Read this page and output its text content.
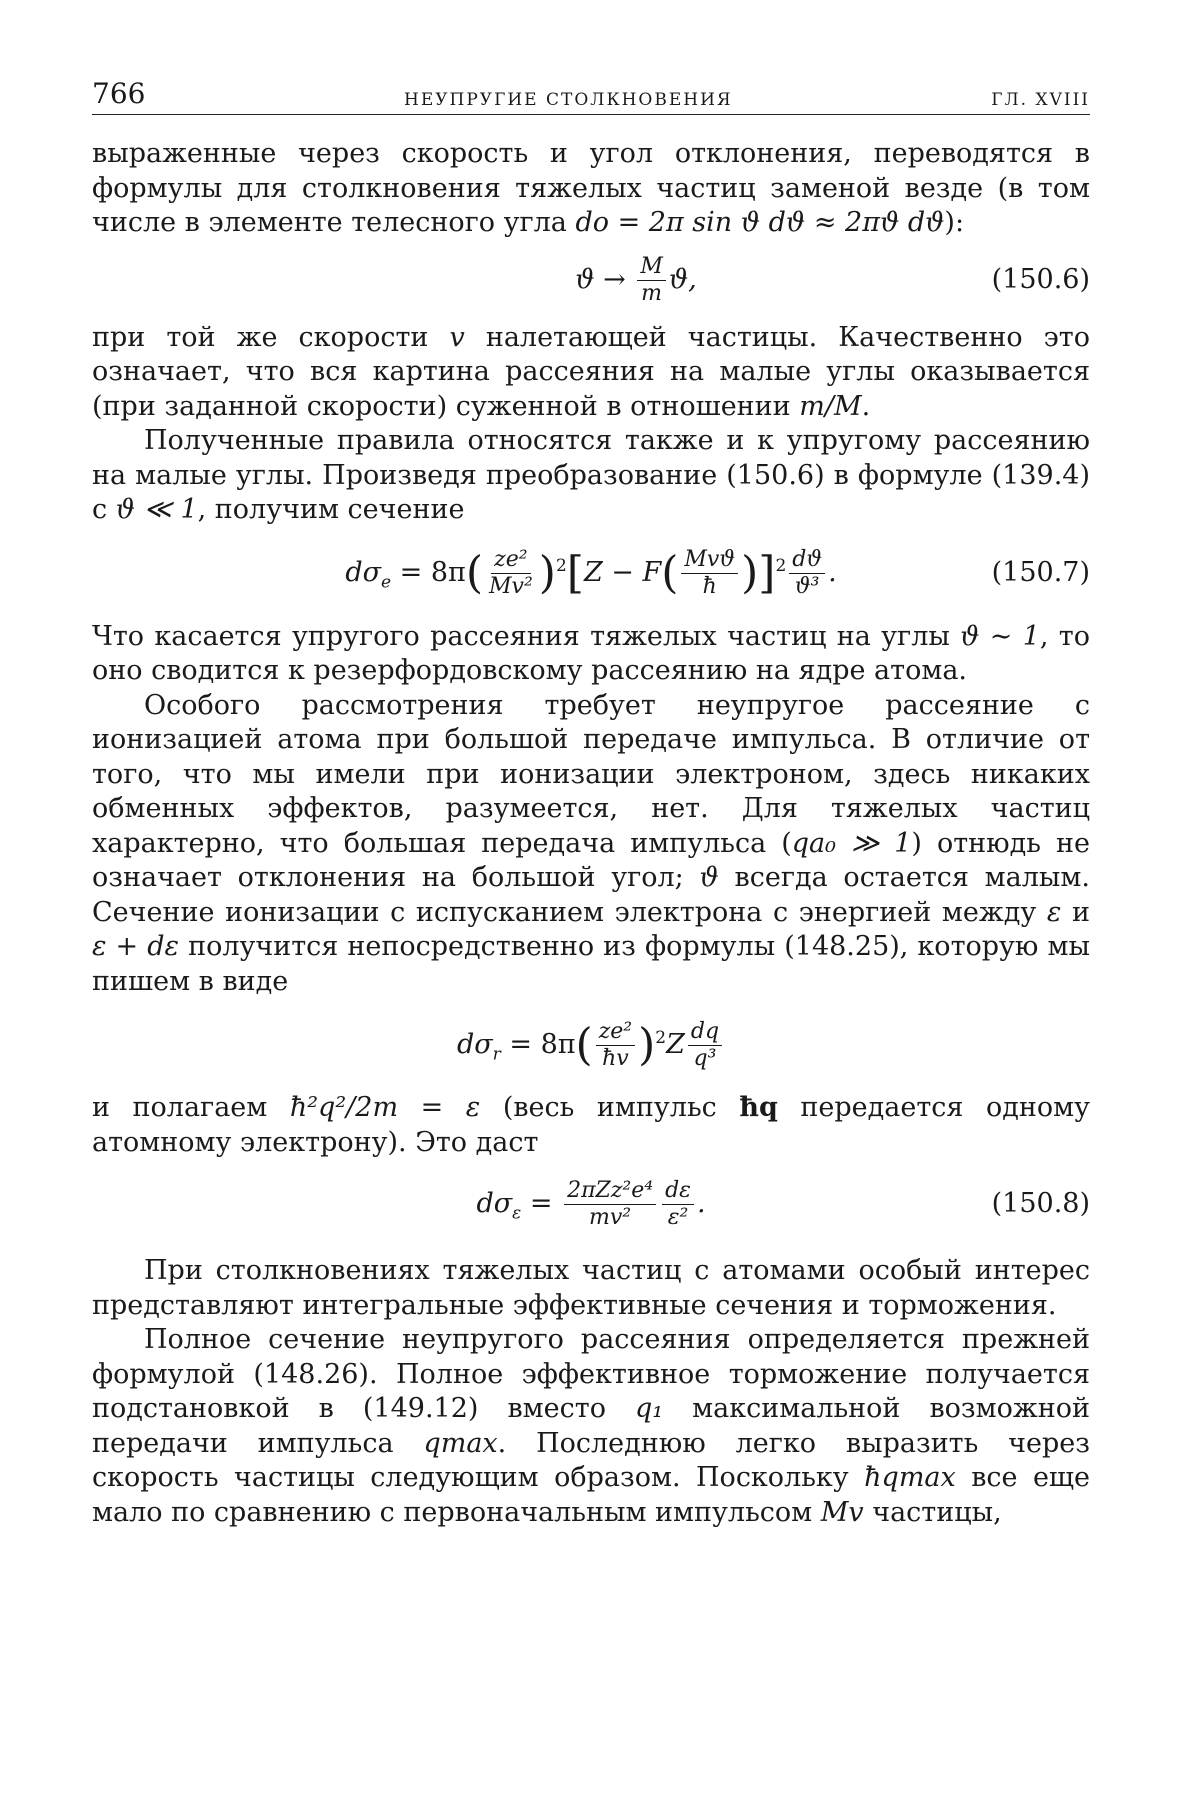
766	НЕУПРУГИЕ СТОЛКНОВЕНИЯ	ГЛ. XVIII

выраженные через скорость и угол отклонения, переводятся в формулы для столкновения тяжелых частиц заменой везде (в том числе в элементе телесного угла do = 2π sin ϑ dϑ ≈ 2πϑ dϑ):

$ϑ \to \frac{M}{m} ϑ$,	(150.6)

при той же скорости v налетающей частицы. Качественно это означает, что вся картина рассеяния на малые углы оказывается (при заданной скорости) суженной в отношении m/M.

Полученные правила относятся также и к упругому рассеянию на малые углы. Произведя преобразование (150.6) в формуле (139.4) с ϑ ≪ 1, получим сечение

$d\sigma_e = 8\pi( \frac{\text{ze²}}{\text{Mv²}} )^2[Z - F( \frac{\text{Mvϑ}}{ħ} )]^2 \frac{dϑ}{\text{ϑ³}}$ .	(150.7)

Что касается упругого рассеяния тяжелых частиц на углы ϑ ∼ 1, то оно сводится к резерфордовскому рассеянию на ядре атома.

Особого рассмотрения требует неупругое рассеяние с ионизацией атома при большой передаче импульса. В отличие от того, что мы имели при ионизации электроном, здесь никаких обменных эффектов, разумеется, нет. Для тяжелых частиц характерно, что большая передача импульса (qa₀ ≫ 1) отнюдь не означает отклонения на большой угол; ϑ всегда остается малым. Сечение ионизации с испусканием электрона с энергией между ε и ε + dε получится непосредственно из формулы (148.25), которую мы пишем в виде

$d\sigma_r = 8\pi( \frac{\text{ze²}}{ħv} )^2Z \frac{dq}{\text{q³}}$

и полагаем ħ²q²/2m = ε (весь импульс ħq передается одному атомному электрону). Это даст

$d\sigma_\varepsilon = \frac{\text{2πZz²e⁴}}{\text{mv²}} \frac{d\varepsilon}{\text{ε²}}$ .	(150.8)

При столкновениях тяжелых частиц с атомами особый интерес представляют интегральные эффективные сечения и торможения.

Полное сечение неупругого рассеяния определяется прежней формулой (148.26). Полное эффективное торможение получается подстановкой в (149.12) вместо q₁ максимальной возможной передачи импульса qmax. Последнюю легко выразить через скорость частицы следующим образом. Поскольку ħqmax все еще мало по сравнению с первоначальным импульсом Mv частицы,
